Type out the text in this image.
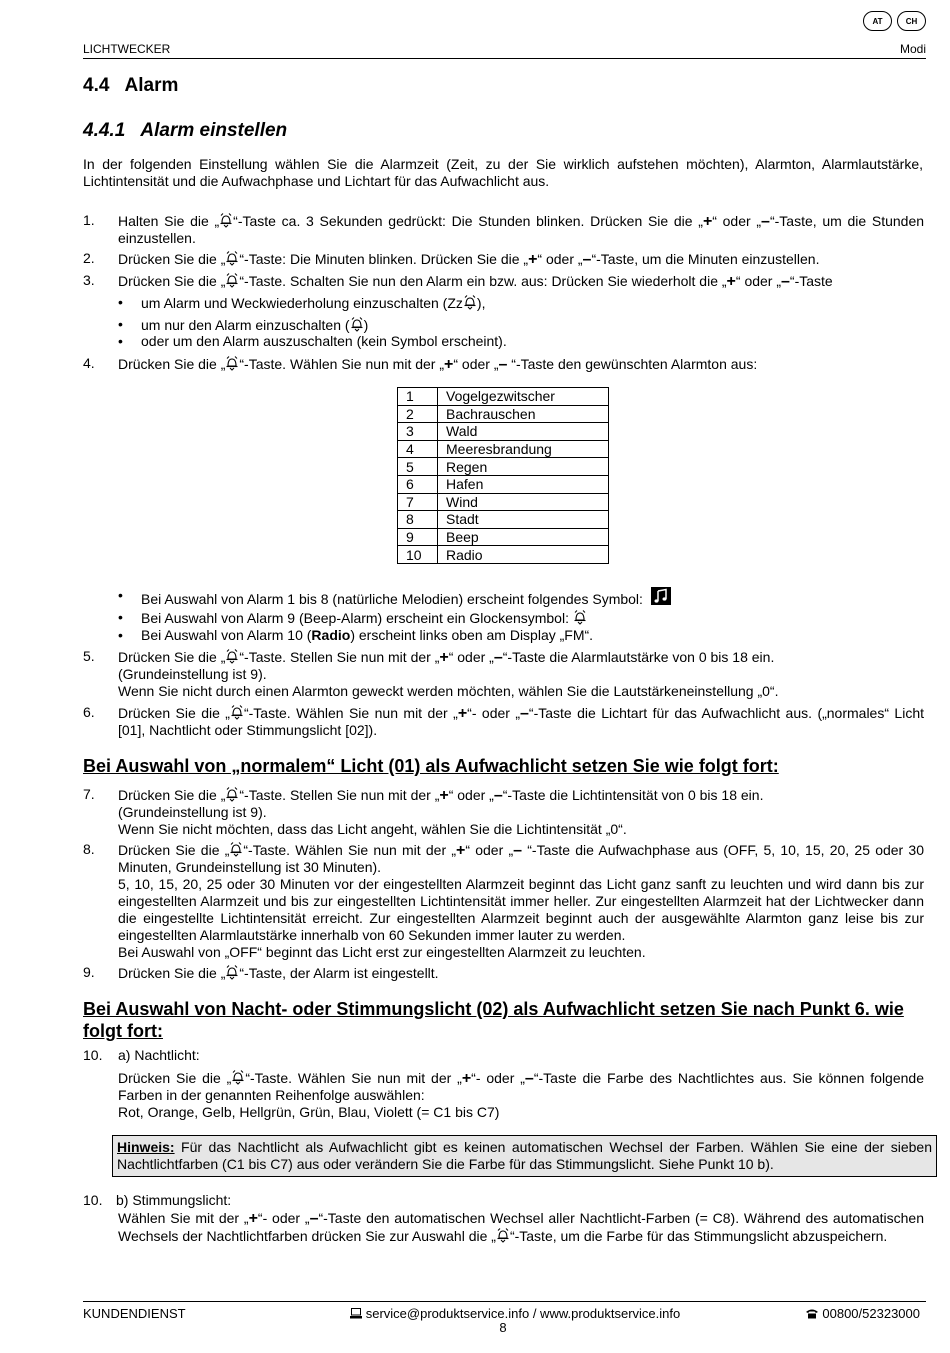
AT	CH
LICHTWECKER	Modi
4.4   Alarm
4.4.1   Alarm einstellen
In der folgenden Einstellung wählen Sie die Alarmzeit (Zeit, zu der Sie wirklich aufstehen möchten), Alarmton, Alarmlautstärke, Lichtintensität und die Aufwachphase und Lichtart für das Aufwachlicht aus.
1. Halten Sie die „ “-Taste ca. 3 Sekunden gedrückt: Die Stunden blinken. Drücken Sie die „+“ oder „–“-Taste, um die Stunden einzustellen.
2. Drücken Sie die „ “-Taste: Die Minuten blinken. Drücken Sie die „+“ oder „–“-Taste, um die Minuten einzustellen.
3. Drücken Sie die „ “-Taste. Schalten Sie nun den Alarm ein bzw. aus: Drücken Sie wiederholt die „+“ oder „–“-Taste
• um Alarm und Weckwiederholung einzuschalten (Zz ),
• um nur den Alarm einzuschalten ( )
• oder um den Alarm auszuschalten (kein Symbol erscheint).
4. Drücken Sie die „ “-Taste. Wählen Sie nun mit der „+“ oder „– “-Taste den gewünschten Alarmton aus:
1	Vogelgezwitscher
2	Bachrauschen
3	Wald
4	Meeresbrandung
5	Regen
6	Hafen
7	Wind
8	Stadt
9	Beep
10	Radio
• Bei Auswahl von Alarm 1 bis 8 (natürliche Melodien) erscheint folgendes Symbol:
• Bei Auswahl von Alarm 9 (Beep-Alarm) erscheint ein Glockensymbol:
• Bei Auswahl von Alarm 10 (Radio) erscheint links oben am Display „FM“.
5. Drücken Sie die „ “-Taste. Stellen Sie nun mit der „+“ oder „–“-Taste die Alarmlautstärke von 0 bis 18 ein.
(Grundeinstellung ist 9).
Wenn Sie nicht durch einen Alarmton geweckt werden möchten, wählen Sie die Lautstärkeneinstellung „0“.
6. Drücken Sie die „ “-Taste. Wählen Sie nun mit der „+“- oder „–“-Taste die Lichtart für das Aufwachlicht aus. („normales“ Licht [01], Nachtlicht oder Stimmungslicht [02]).
Bei Auswahl von „normalem“ Licht (01) als Aufwachlicht setzen Sie wie folgt fort:
7. Drücken Sie die „ “-Taste. Stellen Sie nun mit der „+“ oder „–“-Taste die Lichtintensität von 0 bis 18 ein.
(Grundeinstellung ist 9).
Wenn Sie nicht möchten, dass das Licht angeht, wählen Sie die Lichtintensität „0“.
8. Drücken Sie die „ “-Taste. Wählen Sie nun mit der „+“ oder „– “-Taste die Aufwachphase aus (OFF, 5, 10, 15, 20, 25 oder 30 Minuten, Grundeinstellung ist 30 Minuten).
5, 10, 15, 20, 25 oder 30 Minuten vor der eingestellten Alarmzeit beginnt das Licht ganz sanft zu leuchten und wird dann bis zur eingestellten Alarmzeit und bis zur eingestellten Lichtintensität immer heller. Zur eingestellten Alarmzeit hat der Lichtwecker dann die eingestellte Lichtintensität erreicht. Zur eingestellten Alarmzeit beginnt auch der ausgewählte Alarmton ganz leise bis zur eingestellten Alarmlautstärke innerhalb von 60 Sekunden immer lauter zu werden.
Bei Auswahl von „OFF“ beginnt das Licht erst zur eingestellten Alarmzeit zu leuchten.
9. Drücken Sie die „ “-Taste, der Alarm ist eingestellt.
Bei Auswahl von Nacht- oder Stimmungslicht (02) als Aufwachlicht setzen Sie nach Punkt 6. wie folgt fort:
10. a) Nachtlicht:
Drücken Sie die „ “-Taste. Wählen Sie nun mit der „+“- oder „–“-Taste die Farbe des Nachtlichtes aus. Sie können folgende Farben in der genannten Reihenfolge auswählen:
Rot, Orange, Gelb, Hellgrün, Grün, Blau, Violett (= C1 bis C7)
Hinweis: Für das Nachtlicht als Aufwachlicht gibt es keinen automatischen Wechsel der Farben. Wählen Sie eine der sieben Nachtlichtfarben (C1 bis C7) aus oder verändern Sie die Farbe für das Stimmungslicht. Siehe Punkt 10 b).
10. b) Stimmungslicht:
Wählen Sie mit der „+“- oder „–“-Taste den automatischen Wechsel aller Nachtlicht-Farben (= C8). Während des automatischen Wechsels der Nachtlichtfarben drücken Sie zur Auswahl die „ “-Taste, um die Farbe für das Stimmungslicht abzuspeichern.
KUNDENDIENST	service@produktservice.info / www.produktservice.info	00800/52323000
8
